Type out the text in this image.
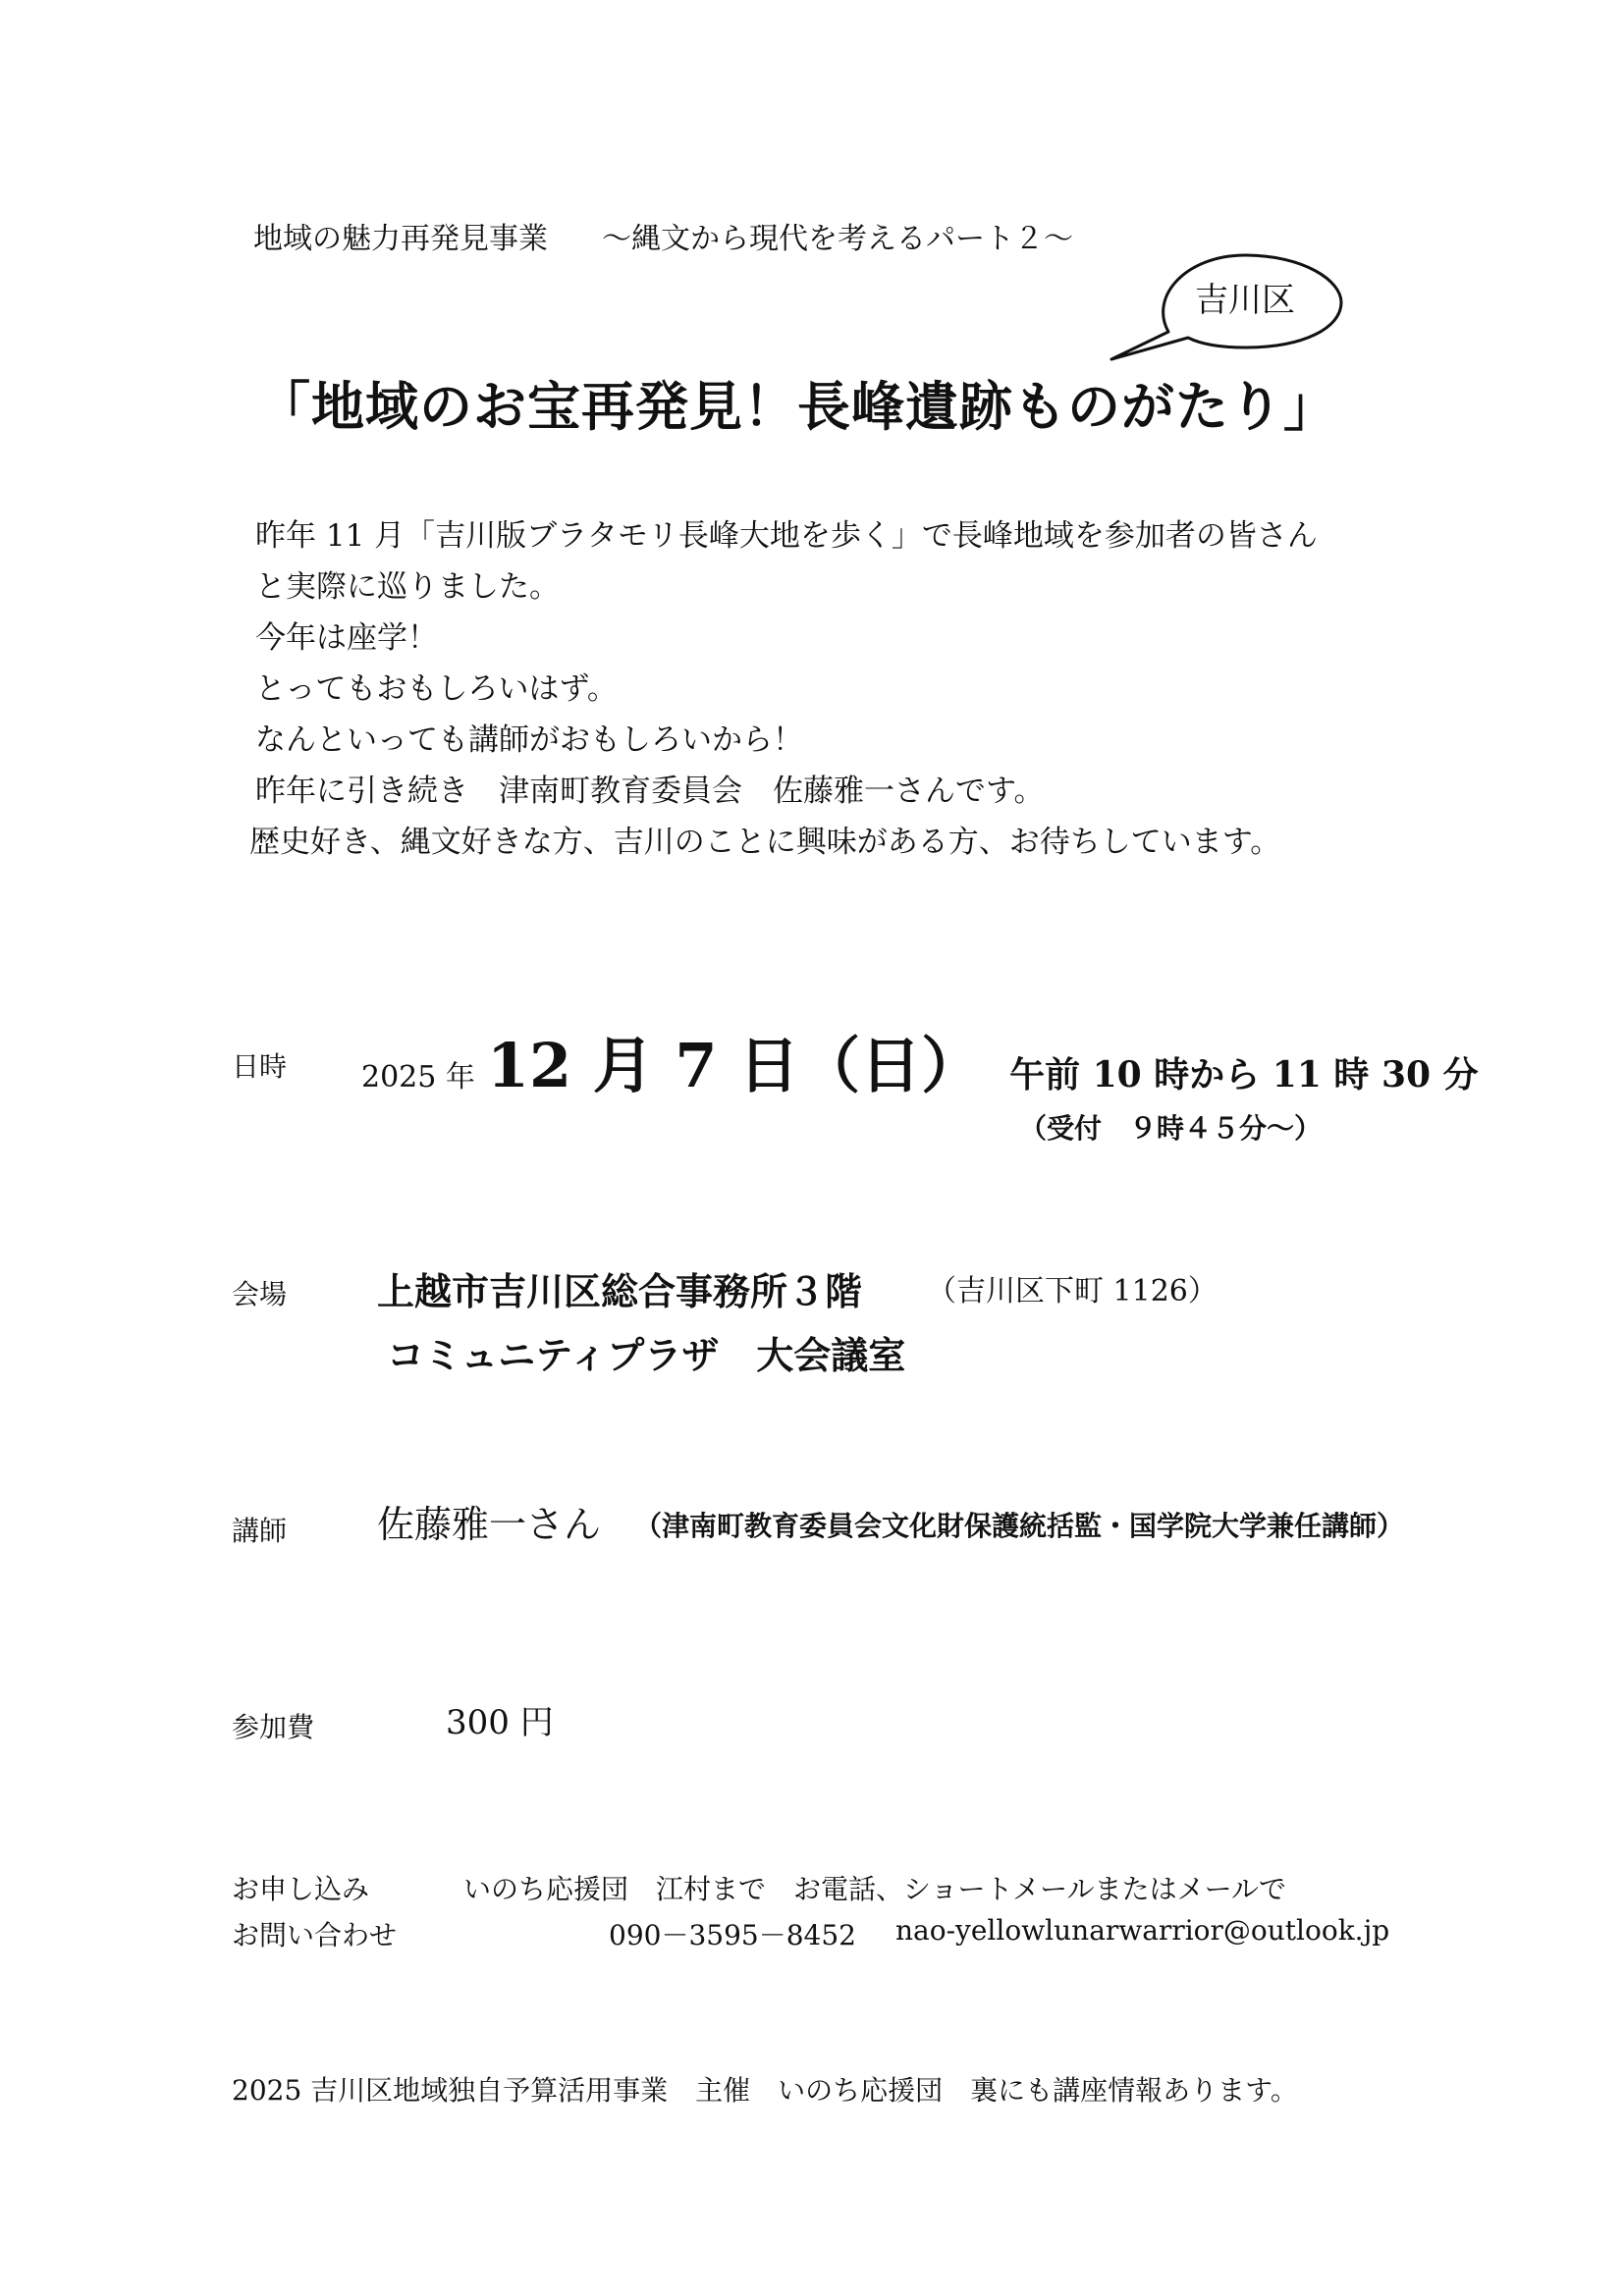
地域の魅力再発見事業 ～縄文から現代を考えるパート２～
吉川区
「地域のお宝再発見！長峰遺跡ものがたり」
昨年 11 月「吉川版ブラタモリ長峰大地を歩く」で長峰地域を参加者の皆さん
と実際に巡りました。
今年は座学！
とってもおもしろいはず。
なんといっても講師がおもしろいから！
昨年に引き続き　津南町教育委員会　佐藤雅一さんです。
歴史好き、縄文好きな方、吉川のことに興味がある方、お待ちしています。
日時	2025 年 12 月 7 日（日） 午前 10 時から 11 時 30 分
（受付　９時４５分～）
会場 上越市吉川区総合事務所３階 （吉川区下町 1126）
コミュニティプラザ　大会議室
講師 佐藤雅一さん （津南町教育委員会文化財保護統括監・国学院大学兼任講師）
参加費	300 円
お申し込み	いのち応援団　江村まで　お電話、ショートメールまたはメールで
お問い合わせ	090－3595－8452 nao-yellowlunarwarrior@outlook.jp
2025 吉川区地域独自予算活用事業　主催　いのち応援団　裏にも講座情報あります。
